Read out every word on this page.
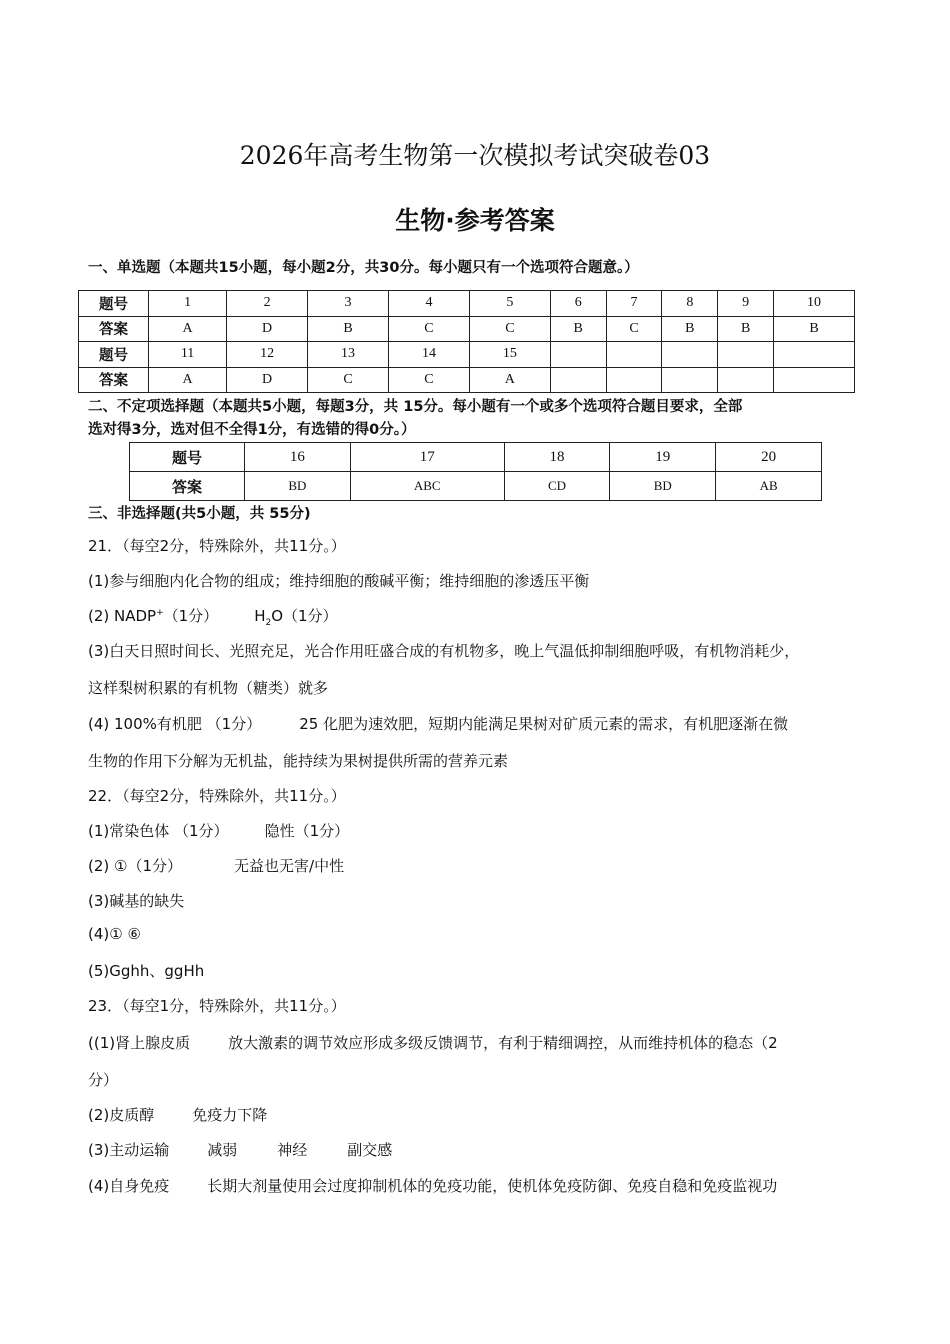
2026年高考生物第一次模拟考试突破卷03
生物·参考答案
一、单选题（本题共15小题，每小题2分，共30分。每小题只有一个选项符合题意。）
题号	1	2	3	4	5	6	7	8	9	10
答案	A	D	B	C	C	B	C	B	B	B
题号	11	12	13	14	15					
答案	A	D	C	C	A					
二、不定项选择题（本题共5小题，每题3分，共 15分。每小题有一个或多个选项符合题目要求，全部
选对得3分，选对但不全得1分，有选错的得0分。）
题号	16	17	18	19	20
答案	BD	ABC	CD	BD	AB
三、非选择题(共5小题，共 55分)
21．（每空2分，特殊除外，共11分。）
(1)参与细胞内化合物的组成；维持细胞的酸碱平衡；维持细胞的渗透压平衡
(2) NADP+（1分） $H_2O(1$分）
(3)白天日照时间长、光照充足，光合作用旺盛合成的有机物多，晚上气温低抑制细胞呼吸，有机物消耗少，
这样梨树积累的有机物（糖类）就多
(4) 100%有机肥 （1分）	25 化肥为速效肥，短期内能满足果树对矿质元素的需求，有机肥逐渐在微
生物的作用下分解为无机盐，能持续为果树提供所需的营养元素
22．（每空2分，特殊除外，共11分。）
(1)常染色体 （1分） 隐性（1分）
(2) ①（1分）	无益也无害/中性
(3)碱基的缺失
(4)① ⑥
(5)Gghh、ggHh
23．（每空1分，特殊除外，共11分。）
((1)肾上腺皮质	放大激素的调节效应形成多级反馈调节，有利于精细调控，从而维持机体的稳态（2
分）
(2)皮质醇	免疫力下降
(3)主动运输	减弱	神经	副交感
(4)自身免疫	长期大剂量使用会过度抑制机体的免疫功能，使机体免疫防御、免疫自稳和免疫监视功
